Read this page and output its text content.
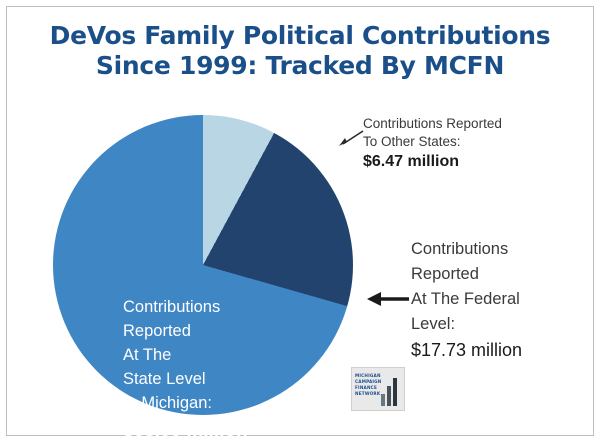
DeVos Family Political Contributions
Since 1999: Tracked By MCFN
Contributions
Reported
At The
State Level
In Michigan:
$58.06 million
Contributions Reported
To Other States:
$6.47 million
Contributions
Reported
At The Federal
Level:
$17.73 million
MICHIGAN CAMPAIGN FINANCE NETWORK
